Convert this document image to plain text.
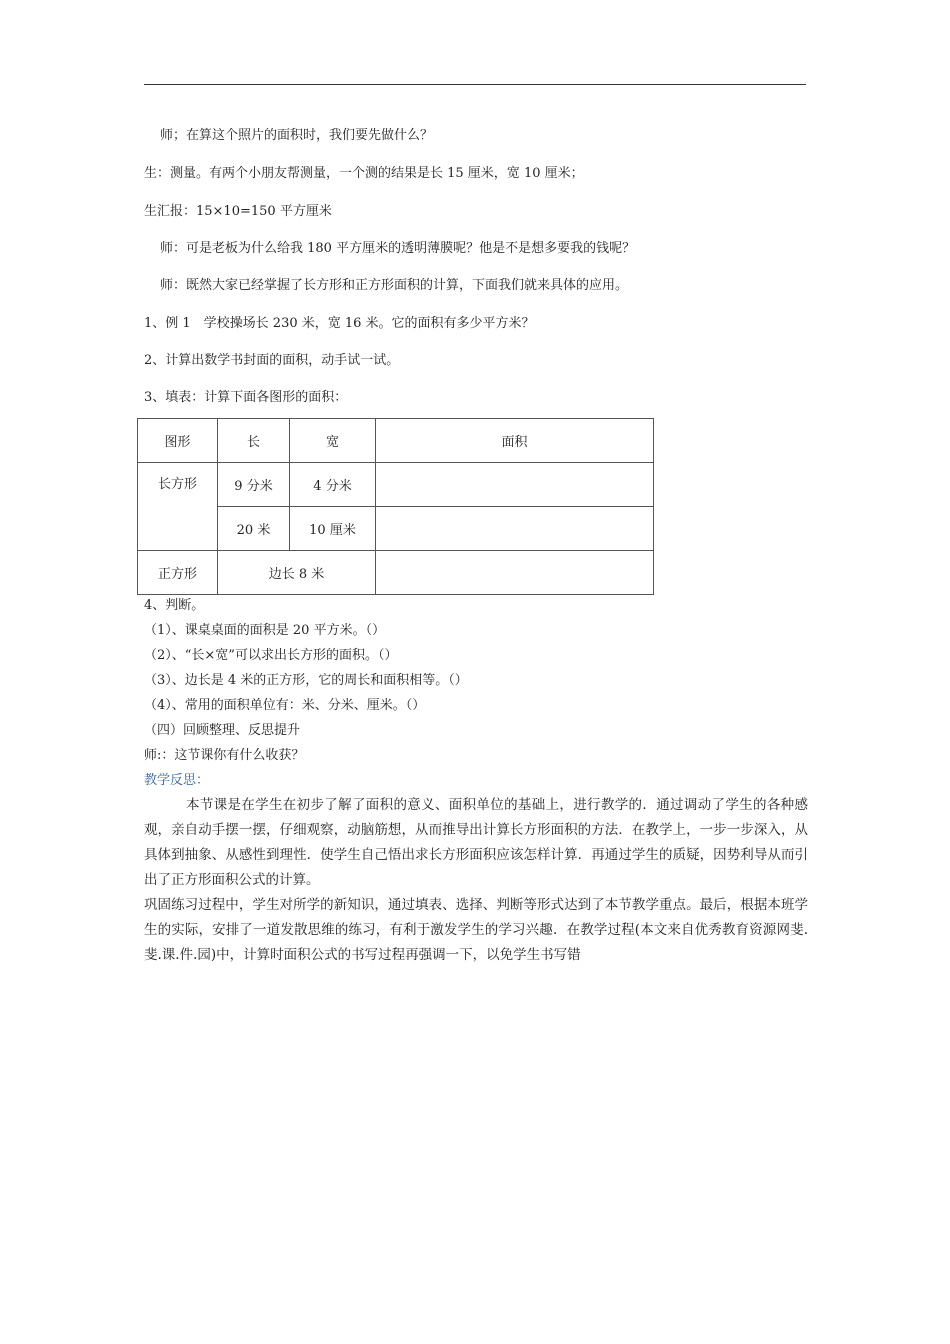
师；在算这个照片的面积时，我们要先做什么？
生：测量。有两个小朋友帮测量，一个测的结果是长 15 厘米，宽 10 厘米；
生汇报：15×10=150 平方厘米
师：可是老板为什么给我 180 平方厘米的透明薄膜呢？他是不是想多要我的钱呢？
师：既然大家已经掌握了长方形和正方形面积的计算，下面我们就来具体的应用。
1、例 1　学校操场长 230 米，宽 16 米。它的面积有多少平方米？
2、计算出数学书封面的面积，动手试一试。
3、填表：计算下面各图形的面积：
图形	长	宽	面积
长方形	9 分米	4 分米	
	20 米	10 厘米	
正方形	边长 8 米		
4、判断。
（1）、课桌桌面的面积是 20 平方米。（）
（2）、“长×宽”可以求出长方形的面积。（）
（3）、边长是 4 米的正方形，它的周长和面积相等。（）
（4）、常用的面积单位有：米、分米、厘米。（）
（四）回顾整理、反思提升
师:：这节课你有什么收获？
教学反思：

本节课是在学生在初步了解了面积的意义、面积单位的基础上，进行教学的．通过调动了学生的各种感观，亲自动手摆一摆，仔细观察，动脑筋想，从而推导出计算长方形面积的方法．在教学上，一步一步深入，从具体到抽象、从感性到理性．使学生自己悟出求长方形面积应该怎样计算．再通过学生的质疑，因势利导从而引出了正方形面积公式的计算。

巩固练习过程中，学生对所学的新知识，通过填表、选择、判断等形式达到了本节教学重点。最后，根据本班学生的实际，安排了一道发散思维的练习，有利于激发学生的学习兴趣．在教学过程(本文来自优秀教育资源网斐.斐.课.件.园)中，计算时面积公式的书写过程再强调一下，以免学生书写错
